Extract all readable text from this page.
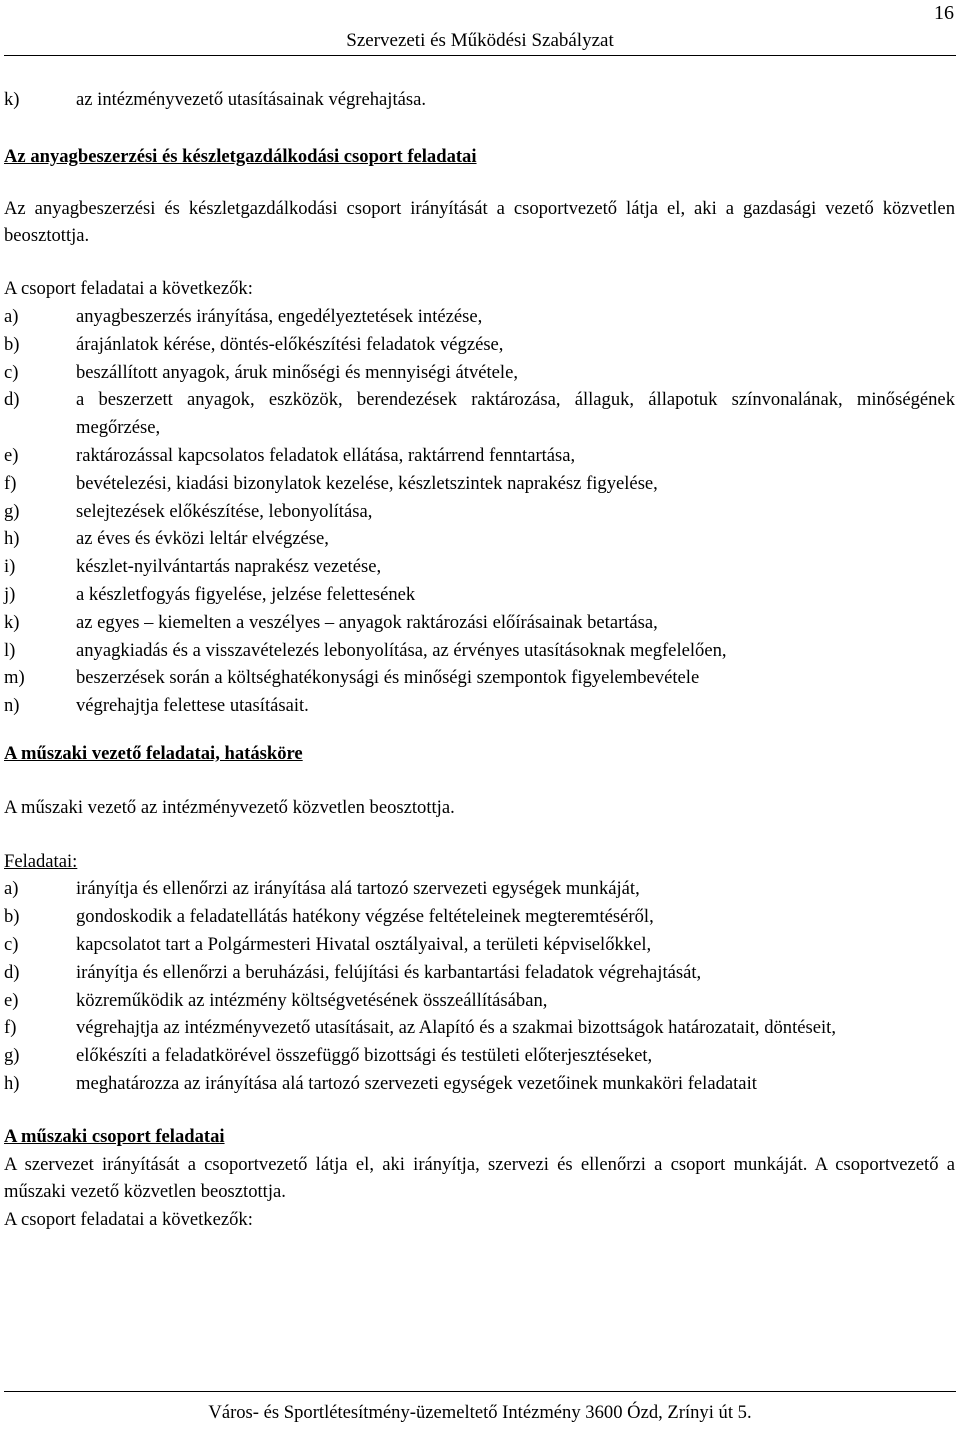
16
Szervezeti és Működési Szabályzat
k)	az intézményvezető utasításainak végrehajtása.
Az anyagbeszerzési és készletgazdálkodási csoport feladatai
Az anyagbeszerzési és készletgazdálkodási csoport irányítását a csoportvezető látja el, aki a gazdasági vezető közvetlen beosztottja.
A csoport feladatai a következők:
a)	anyagbeszerzés irányítása, engedélyeztetések intézése,
b)	árajánlatok kérése, döntés-előkészítési feladatok végzése,
c)	beszállított anyagok, áruk minőségi és mennyiségi átvétele,
d)	a beszerzett anyagok, eszközök, berendezések raktározása, állaguk, állapotuk színvonalának, minőségének megőrzése,
e)	raktározással kapcsolatos feladatok ellátása, raktárrend fenntartása,
f)	bevételezési, kiadási bizonylatok kezelése, készletszintek naprakész figyelése,
g)	selejtezések előkészítése, lebonyolítása,
h)	az éves és évközi leltár elvégzése,
i)	készlet-nyilvántartás naprakész vezetése,
j)	a készletfogyás figyelése, jelzése felettesének
k)	az egyes – kiemelten a veszélyes – anyagok raktározási előírásainak betartása,
l)	anyagkiadás és a visszavételezés lebonyolítása, az érvényes utasításoknak megfelelően,
m)	beszerzések során a költséghatékonysági és minőségi szempontok figyelembevétele
n)	végrehajtja felettese utasításait.
A műszaki vezető feladatai, hatásköre
A műszaki vezető az intézményvezető közvetlen beosztottja.
Feladatai:
a)	irányítja és ellenőrzi az irányítása alá tartozó szervezeti egységek munkáját,
b)	gondoskodik a feladatellátás hatékony végzése feltételeinek megteremtéséről,
c)	kapcsolatot tart a Polgármesteri Hivatal osztályaival, a területi képviselőkkel,
d)	irányítja és ellenőrzi a beruházási, felújítási és karbantartási feladatok végrehajtását,
e)	közreműködik az intézmény költségvetésének összeállításában,
f)	végrehajtja az intézményvezető utasításait, az Alapító és a szakmai bizottságok határozatait, döntéseit,
g)	előkészíti a feladatkörével összefüggő bizottsági és testületi előterjesztéseket,
h)	meghatározza az irányítása alá tartozó szervezeti egységek vezetőinek munkaköri feladatait
A műszaki csoport feladatai
A szervezet irányítását a csoportvezető látja el, aki irányítja, szervezi és ellenőrzi a csoport munkáját. A csoportvezető a műszaki vezető közvetlen beosztottja.
A csoport feladatai a következők:
Város- és Sportlétesítmény-üzemeltető Intézmény 3600 Ózd, Zrínyi út 5.
